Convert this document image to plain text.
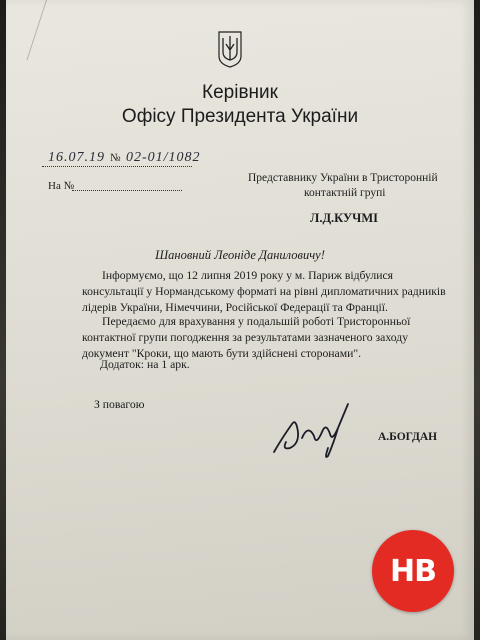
Керівник
Офісу Президента України
16.07.19 № 02-01/1082
На №
Представнику України в Тристоронній
контактній групі
Л.Д.КУЧМІ
Шановний Леоніде Даниловичу!
Інформуємо, що 12 липня 2019 року у м. Париж відбулися консультації у Нормандському форматі на рівні дипломатичних радників лідерів України, Німеччини, Російської Федерації та Франції.
Передаємо для врахування у подальшій роботі Тристоронньої контактної групи погодження за результатами зазначеного заходу документ "Кроки, що мають бути здійснені сторонами".
Додаток: на 1 арк.
З повагою
А.БОГДАН
НВ
